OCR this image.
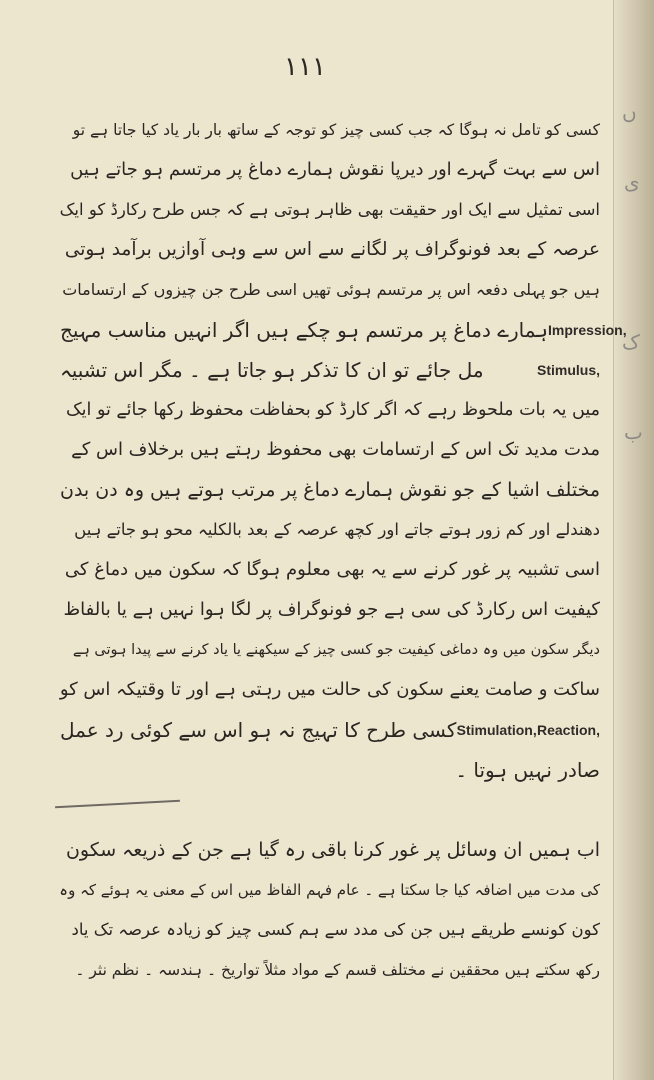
ں
ی
ک
ب
۱۱۱
کسی کو تامل نہ ہوگا کہ جب کسی چیز کو توجہ کے ساتھ بار بار یاد کیا جاتا ہے تو
اس سے بہت گہرے اور دیرپا نقوش ہمارے دماغ پر مرتسم ہو جاتے ہیں
اسی تمثیل سے ایک اور حقیقت بھی ظاہر ہوتی ہے کہ جس طرح رکارڈ کو ایک
عرصہ کے بعد فونوگراف پر لگانے سے اس سے وہی آوازیں برآمد ہوتی
ہیں جو پہلی دفعہ اس پر مرتسم ہوئی تھیں اسی طرح جن چیزوں کے ارتسامات
ہمارے دماغ پر مرتسم ہو چکے ہیں اگر انہیں مناسب مہیج Impression,
مل جائے تو ان کا تذکر ہو جاتا ہے ۔ مگر اس تشبیہ	Stimulus,
میں یہ بات ملحوظ رہے کہ اگر کارڈ کو بحفاظت محفوظ رکھا جائے تو ایک
مدت مدید تک اس کے ارتسامات بھی محفوظ رہتے ہیں برخلاف اس کے
مختلف اشیا کے جو نقوش ہمارے دماغ پر مرتب ہوتے ہیں وہ دن بدن
دھندلے اور کم زور ہوتے جاتے اور کچھ عرصہ کے بعد بالکلیہ محو ہو جاتے ہیں
اسی تشبیہ پر غور کرنے سے یہ بھی معلوم ہوگا کہ سکون میں دماغ کی
کیفیت اس رکارڈ کی سی ہے جو فونوگراف پر لگا ہوا نہیں ہے یا بالفاظ
دیگر سکون میں وہ دماغی کیفیت جو کسی چیز کے سیکھنے یا یاد کرنے سے پیدا ہوتی ہے
ساکت و صامت یعنے سکون کی حالت میں رہتی ہے اور تا وقتیکہ اس کو
کسی طرح کا تہیج نہ ہو اس سے کوئی رد عمل Stimulation, Reaction,
صادر نہیں ہوتا ۔
اب ہمیں ان وسائل پر غور کرنا باقی رہ گیا ہے جن کے ذریعہ سکون
کی مدت میں اضافہ کیا جا سکتا ہے ۔ عام فہم الفاظ میں اس کے معنی یہ ہوئے کہ وہ
کون کونسے طریقے ہیں جن کی مدد سے ہم کسی چیز کو زیادہ عرصہ تک یاد
رکھ سکتے ہیں محققین نے مختلف قسم کے مواد مثلاً تواریخ ۔ ہندسہ ۔ نظم نثر ۔
